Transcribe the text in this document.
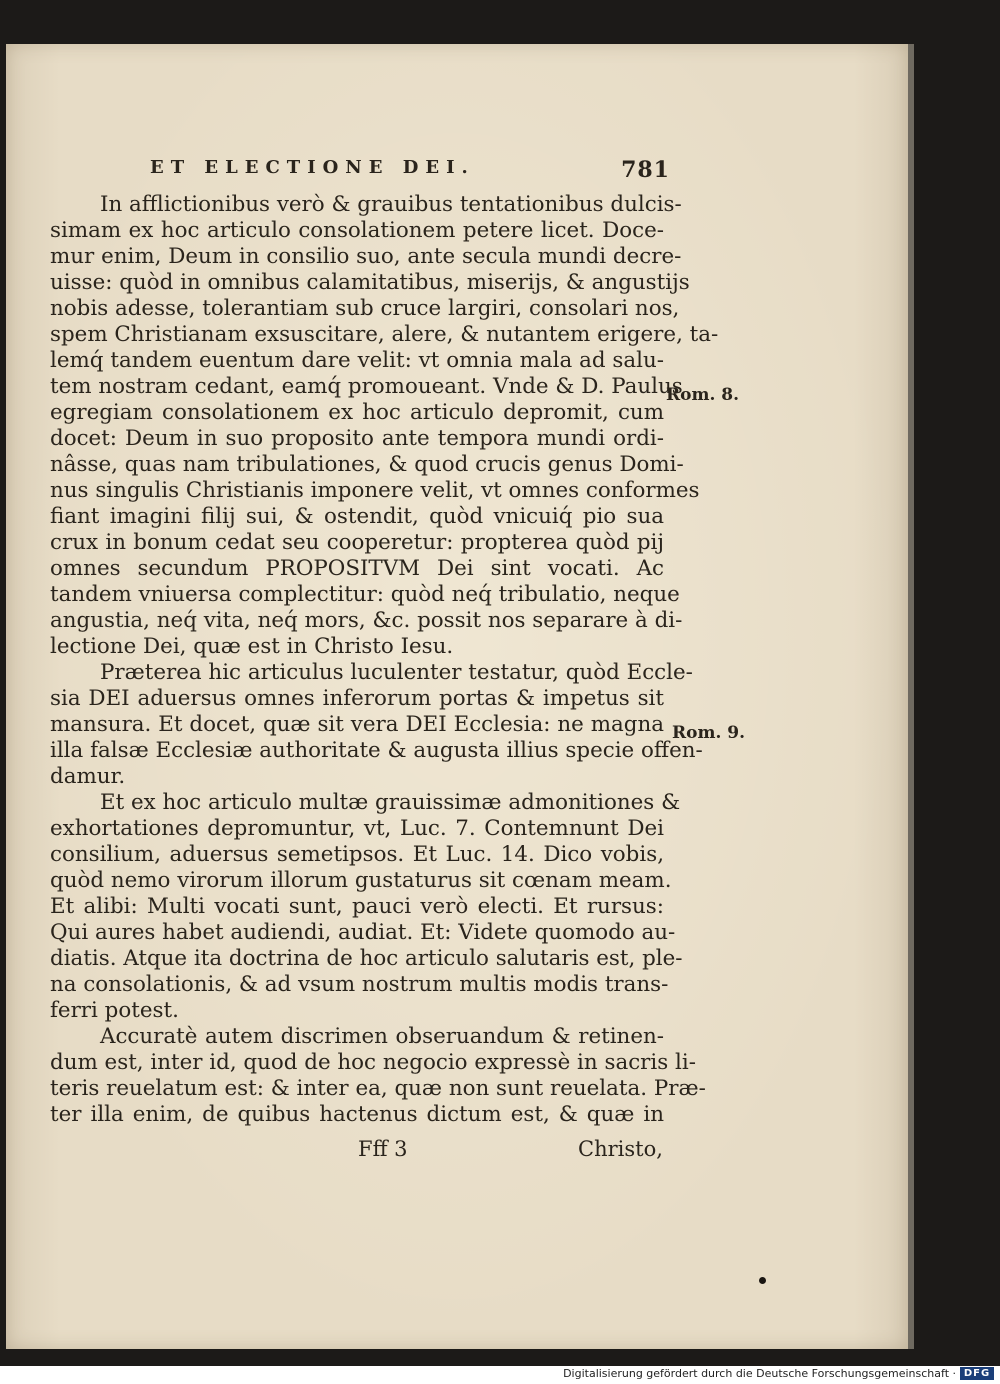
ET ELECTIONE DEI.	781
In afflictionibus verò & grauibus tentationibus dulcis-
simam ex hoc articulo consolationem petere licet. Doce-
mur enim, Deum in consilio suo, ante secula mundi decre-
uisse: quòd in omnibus calamitatibus, miserijs, & angustijs
nobis adesse, tolerantiam sub cruce largiri, consolari nos,
spem Christianam exsuscitare, alere, & nutantem erigere, ta-
lemq́ tandem euentum dare velit: vt omnia mala ad salu-
tem nostram cedant, eamq́ promoueant. Vnde & D. Paulus
egregiam consolationem ex hoc articulo depromit, cum
docet: Deum in suo proposito ante tempora mundi ordi-
nâsse, quas nam tribulationes, & quod crucis genus Domi-
nus singulis Christianis imponere velit, vt omnes conformes
fiant imagini filij sui, & ostendit, quòd vnicuiq́ pio sua
crux in bonum cedat seu cooperetur: propterea quòd pij
omnes secundum PROPOSITVM Dei sint vocati. Ac
tandem vniuersa complectitur: quòd neq́ tribulatio, neque
angustia, neq́ vita, neq́ mors, &c. possit nos separare à di-
lectione Dei, quæ est in Christo Iesu.
Præterea hic articulus luculenter testatur, quòd Eccle-
sia DEI aduersus omnes inferorum portas & impetus sit
mansura. Et docet, quæ sit vera DEI Ecclesia: ne magna
illa falsæ Ecclesiæ authoritate & augusta illius specie offen-
damur.
Et ex hoc articulo multæ grauissimæ admonitiones &
exhortationes depromuntur, vt, Luc. 7. Contemnunt Dei
consilium, aduersus semetipsos. Et Luc. 14. Dico vobis,
quòd nemo virorum illorum gustaturus sit cœnam meam.
Et alibi: Multi vocati sunt, pauci verò electi. Et rursus:
Qui aures habet audiendi, audiat. Et: Videte quomodo au-
diatis. Atque ita doctrina de hoc articulo salutaris est, ple-
na consolationis, & ad vsum nostrum multis modis trans-
ferri potest.
Accuratè autem discrimen obseruandum & retinen-
dum est, inter id, quod de hoc negocio expressè in sacris li-
teris reuelatum est: & inter ea, quæ non sunt reuelata. Præ-
ter illa enim, de quibus hactenus dictum est, & quæ in
Rom. 8.
Rom. 9.
Fff 3	Christo,
Digitalisierung gefördert durch die Deutsche Forschungsgemeinschaft · DFG
